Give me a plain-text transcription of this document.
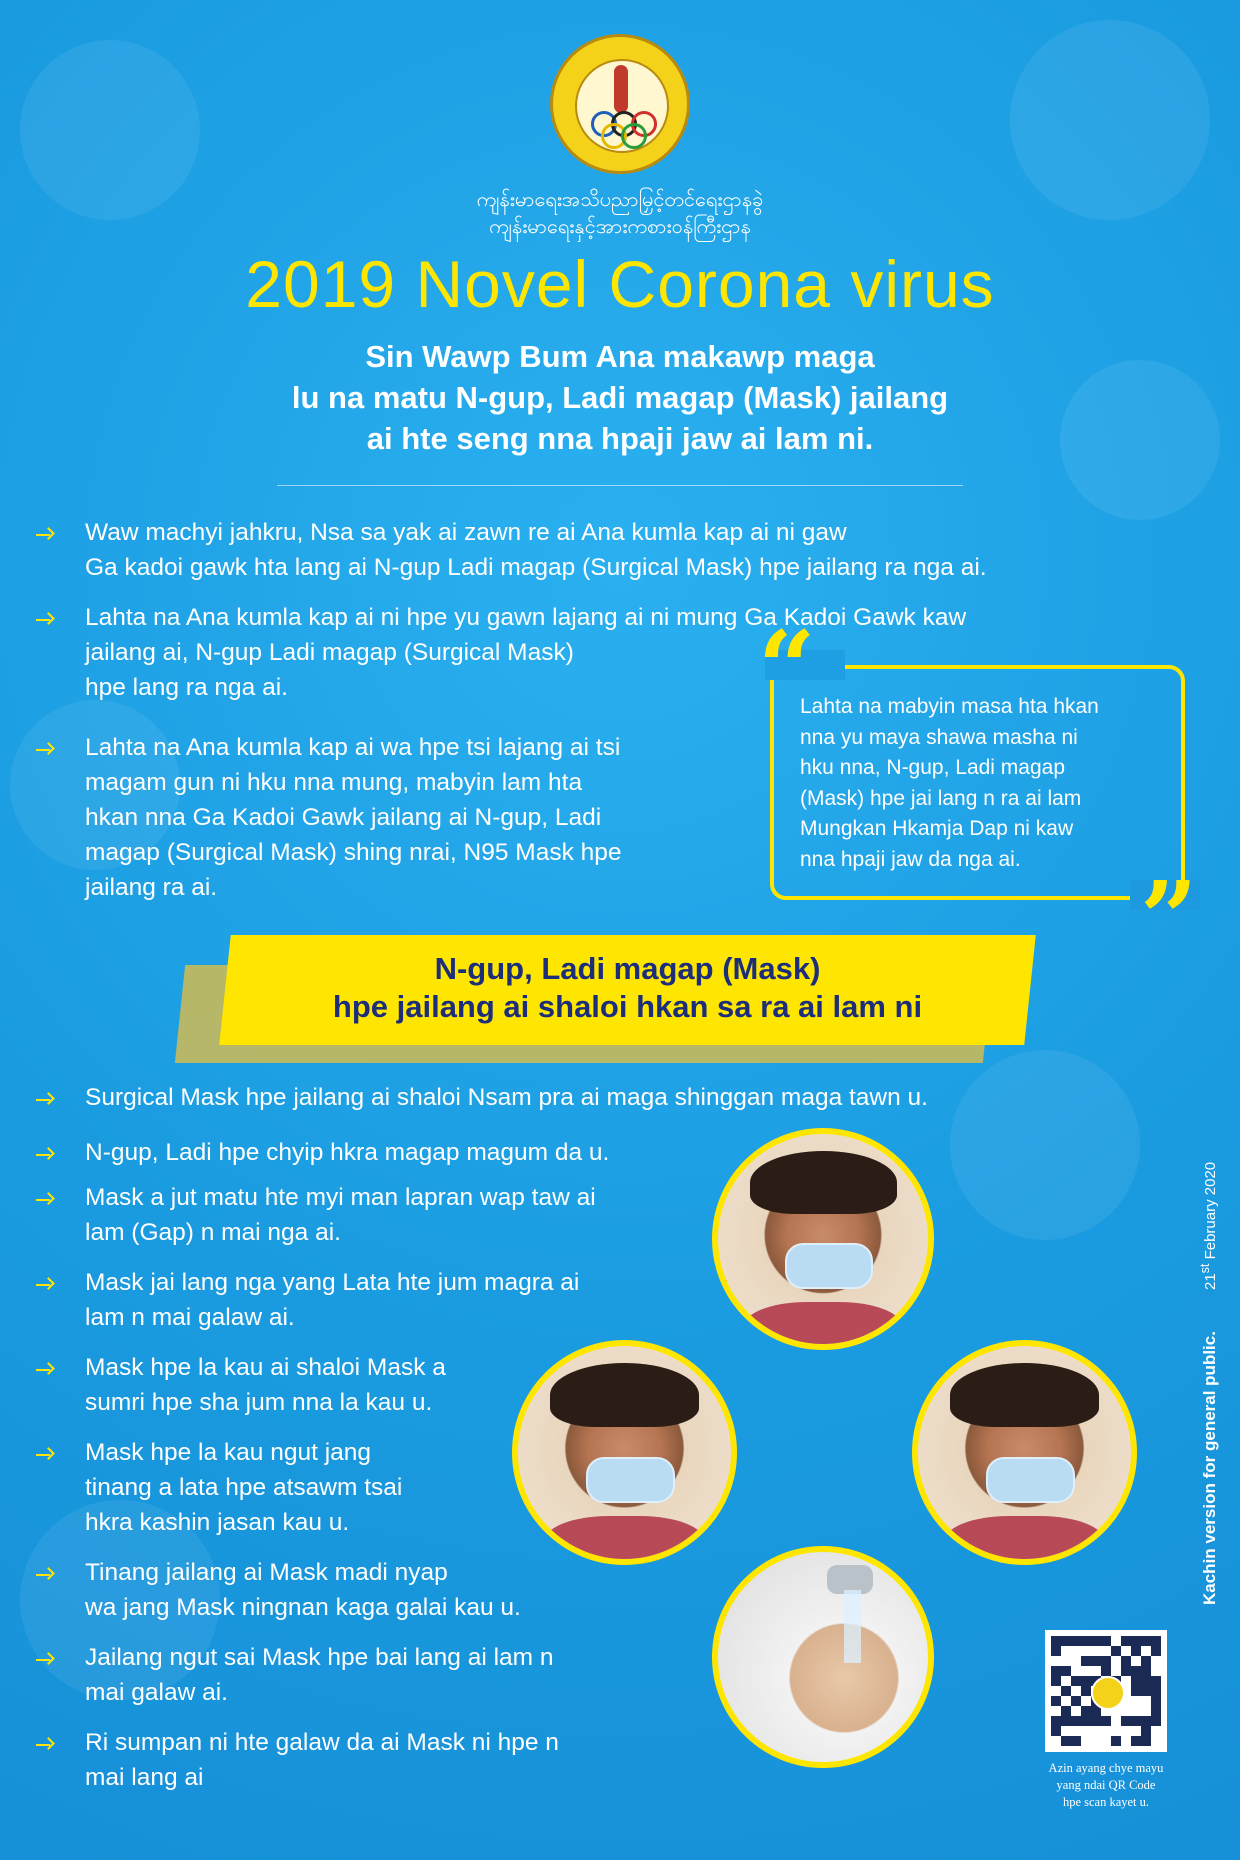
ကျန်းမာရေးအသိပညာမြှင့်တင်ရေးဌာနခွဲ
ကျန်းမာရေးနှင့်အားကစားဝန်ကြီးဌာန
2019 Novel Corona virus
Sin Wawp Bum Ana makawp maga
lu na matu N-gup, Ladi magap (Mask) jailang
ai hte seng nna hpaji jaw ai lam ni.
Waw machyi jahkru, Nsa sa yak ai zawn re ai Ana kumla kap ai ni gaw
Ga kadoi gawk hta lang ai N-gup Ladi magap (Surgical Mask) hpe jailang ra nga ai.
Lahta na Ana kumla kap ai ni hpe yu gawn lajang ai ni mung Ga Kadoi Gawk kaw
jailang ai, N-gup Ladi magap (Surgical Mask)
hpe lang ra nga ai.
Lahta na Ana kumla kap ai wa hpe tsi lajang ai tsi
magam gun ni hku nna mung, mabyin lam hta
hkan nna Ga Kadoi Gawk jailang ai N-gup, Ladi
magap (Surgical Mask) shing nrai, N95 Mask hpe
jailang ra ai.
“
”
Lahta na mabyin masa hta hkan
nna yu maya shawa masha ni
hku nna, N-gup, Ladi magap
(Mask) hpe jai lang n ra ai lam
Mungkan Hkamja Dap ni kaw
nna hpaji jaw da nga ai.
N-gup, Ladi magap (Mask)
hpe jailang ai shaloi hkan sa ra ai lam ni
Surgical Mask hpe jailang ai shaloi Nsam pra ai maga shinggan maga tawn u.
N-gup, Ladi hpe chyip hkra magap magum da u.
Mask a jut matu hte myi man lapran wap taw ai
lam (Gap) n mai nga ai.
Mask jai lang nga yang Lata hte jum magra ai
lam n mai galaw ai.
Mask hpe la kau ai shaloi Mask a
sumri hpe sha jum nna la kau u.
Mask hpe la kau ngut jang
tinang a lata hpe atsawm tsai
hkra kashin jasan kau u.
Tinang jailang ai Mask madi nyap
wa jang Mask ningnan kaga galai kau u.
Jailang ngut sai Mask hpe bai lang ai lam n
mai galaw ai.
Ri sumpan ni hte galaw da ai Mask ni hpe n
mai lang ai
21st February 2020
Kachin version for general public.
Azin ayang chye mayu
yang ndai QR Code
hpe scan kayet u.
